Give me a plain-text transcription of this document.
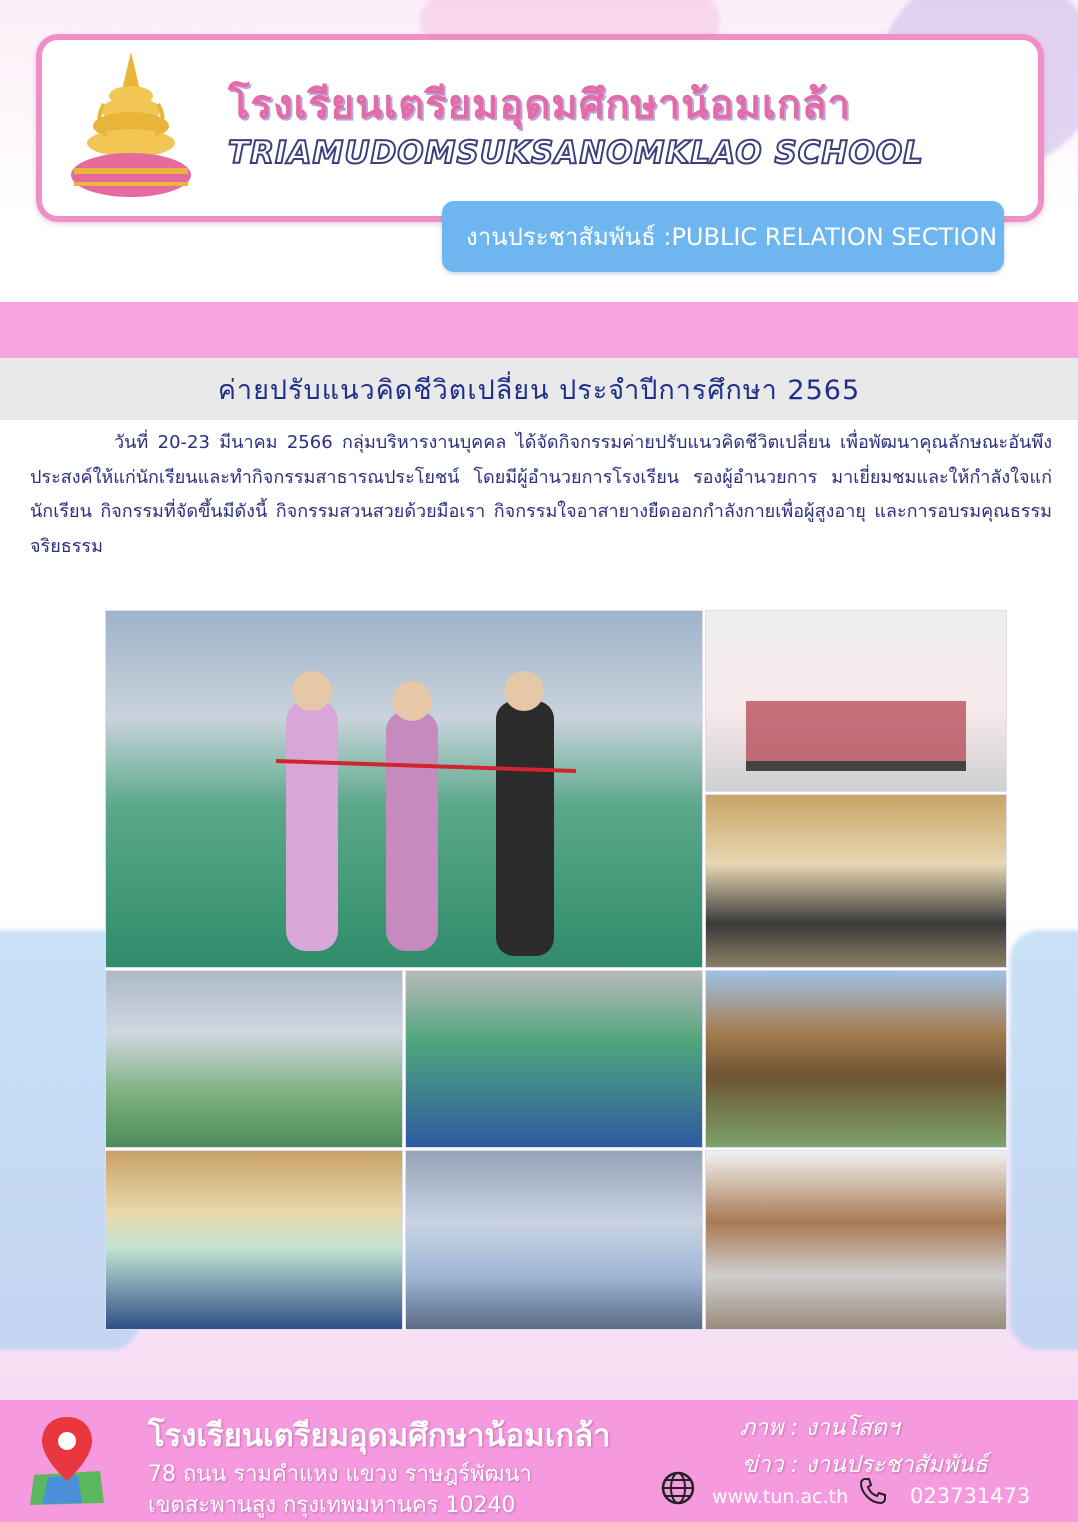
โรงเรียนเตรียมอุดมศึกษาน้อมเกล้า
TRIAMUDOMSUKSANOMKLAO SCHOOL
งานประชาสัมพันธ์ :PUBLIC RELATION SECTION
ค่ายปรับแนวคิดชีวิตเปลี่ยน ประจำปีการศึกษา 2565
วันที่ 20-23 มีนาคม 2566 กลุ่มบริหารงานบุคคล ได้จัดกิจกรรมค่ายปรับแนวคิดชีวิตเปลี่ยน เพื่อพัฒนาคุณลักษณะอันพึงประสงค์ให้แก่นักเรียนและทำกิจกรรมสาธารณประโยชน์ โดยมีผู้อำนวยการโรงเรียน รองผู้อำนวยการ มาเยี่ยมชมและให้กำลังใจแก่นักเรียน กิจกรรมที่จัดขึ้นมีดังนี้ กิจกรรมสวนสวยด้วยมือเรา กิจกรรมใจอาสายางยืดออกกำลังกายเพื่อผู้สูงอายุ และการอบรมคุณธรรมจริยธรรม
โรงเรียนเตรียมอุดมศึกษาน้อมเกล้า
78 ถนน รามคำแหง แขวง ราษฎร์พัฒนา
เขตสะพานสูง กรุงเทพมหานคร 10240
ภาพ : งานโสตฯ
ข่าว : งานประชาสัมพันธ์
www.tun.ac.th	023731473
